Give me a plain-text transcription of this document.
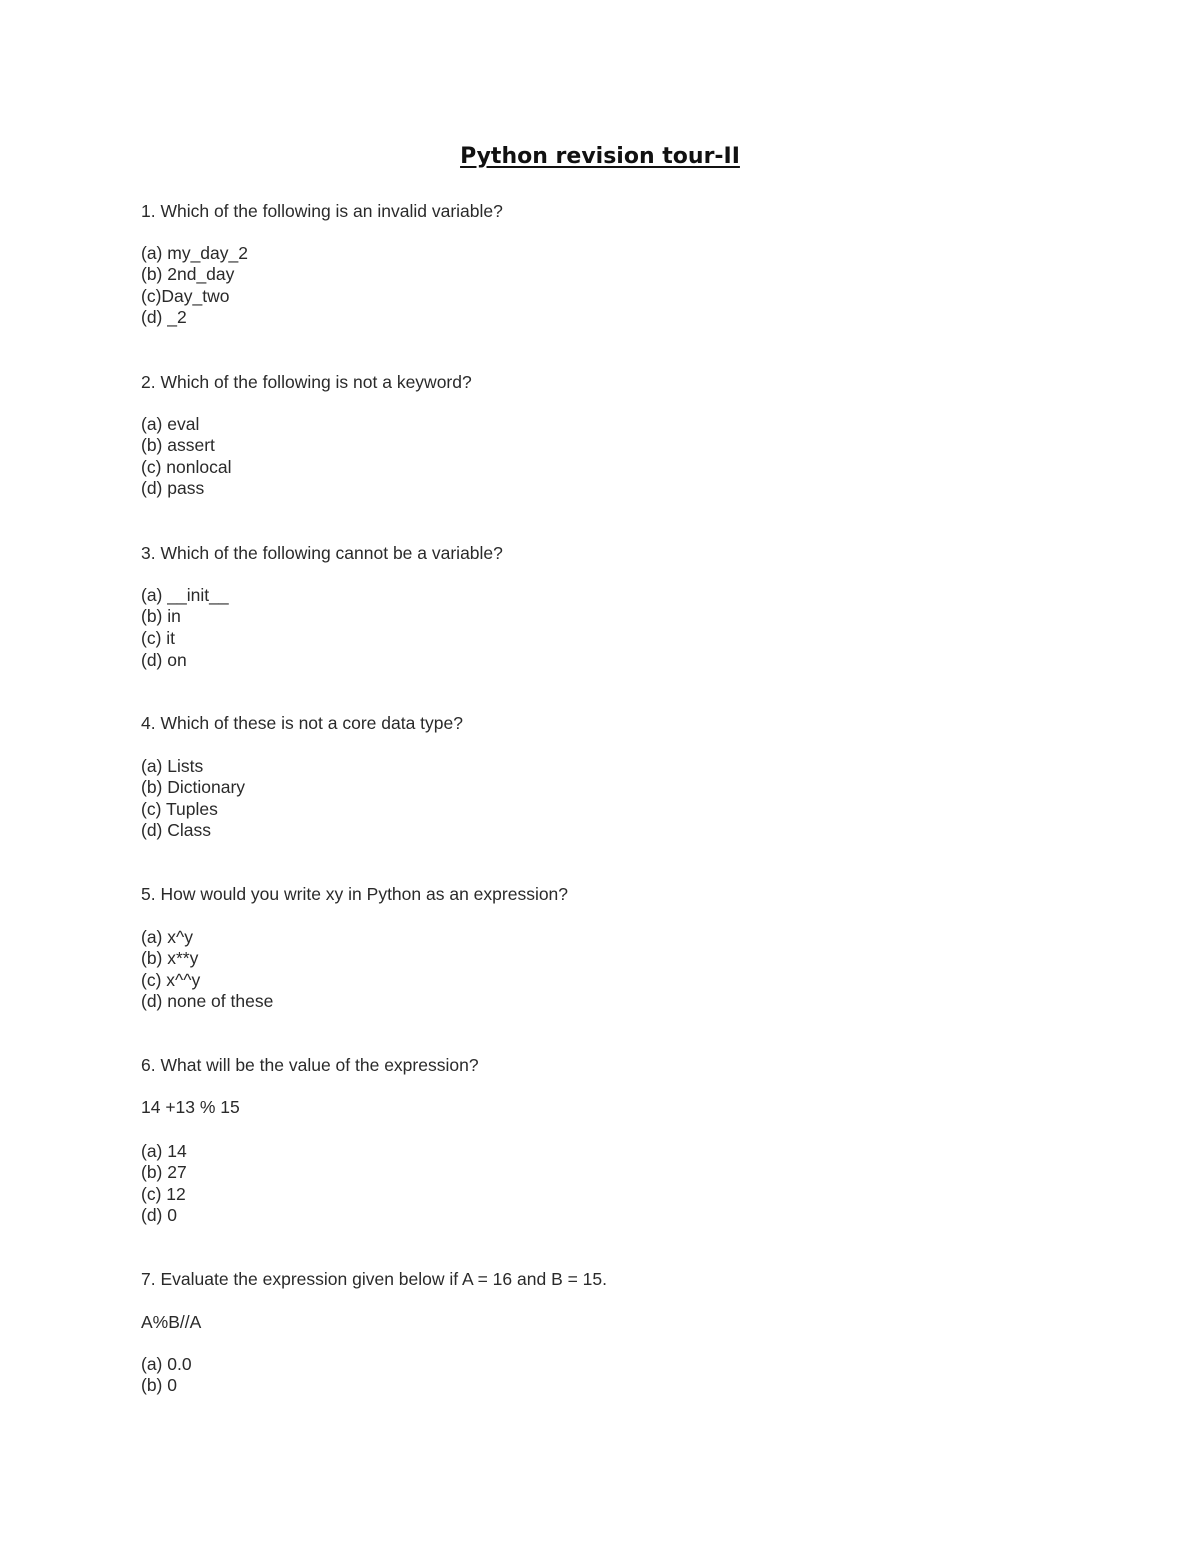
Python revision tour-II
1. Which of the following is an invalid variable?
(a) my_day_2
(b) 2nd_day
(c)Day_two
(d) _2
2. Which of the following is not a keyword?
(a) eval
(b) assert
(c) nonlocal
(d) pass
3. Which of the following cannot be a variable?
(a) __init__
(b) in
(c) it
(d) on
4. Which of these is not a core data type?
(a) Lists
(b) Dictionary
(c) Tuples
(d) Class
5. How would you write xy in Python as an expression?
(a) x^y
(b) x**y
(c) x^^y
(d) none of these
6. What will be the value of the expression?
14 +13 % 15
(a) 14
(b) 27
(c) 12
(d) 0
7. Evaluate the expression given below if A = 16 and B = 15.
A%B//A
(a) 0.0
(b) 0
